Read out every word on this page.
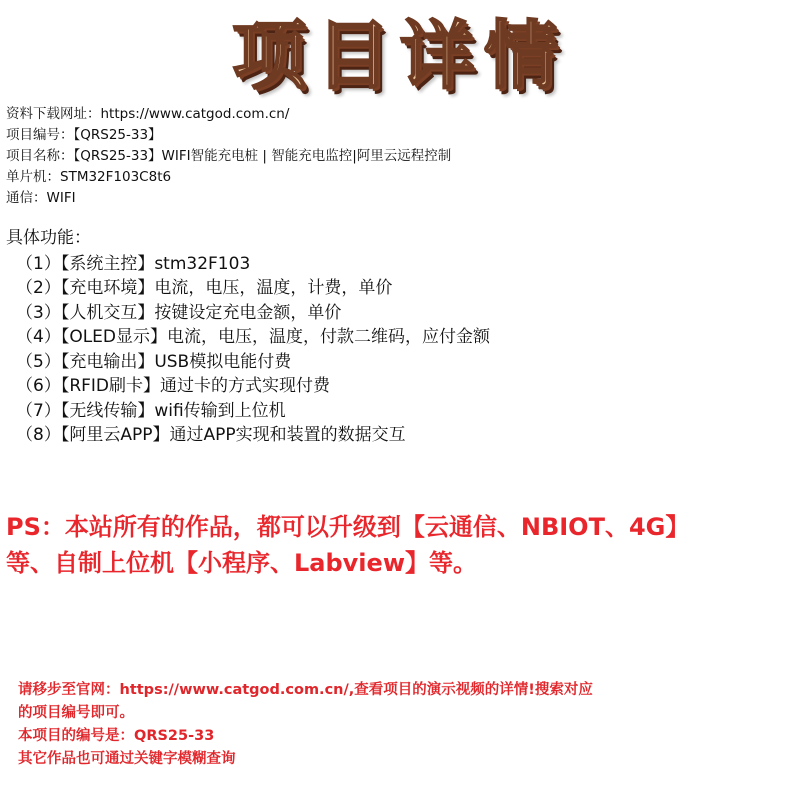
项目详情
资料下载网址：https://www.catgod.com.cn/
项目编号：【QRS25-33】
项目名称：【QRS25-33】WIFI智能充电桩 | 智能充电监控|阿里云远程控制
单片机：STM32F103C8t6
通信：WIFI
具体功能：
（1）【系统主控】stm32F103
（2）【充电环境】电流，电压，温度，计费，单价
（3）【人机交互】按键设定充电金额，单价
（4）【OLED显示】电流，电压，温度，付款二维码，应付金额
（5）【充电输出】USB模拟电能付费
（6）【RFID刷卡】通过卡的方式实现付费
（7）【无线传输】wifi传输到上位机
（8）【阿里云APP】通过APP实现和装置的数据交互
PS：本站所有的作品，都可以升级到【云通信、NBIOT、4G】
等、自制上位机【小程序、Labview】等。
请移步至官网：https://www.catgod.com.cn/,查看项目的演示视频的详情!搜索对应
的项目编号即可。
本项目的编号是：QRS25-33
其它作品也可通过关键字模糊查询
